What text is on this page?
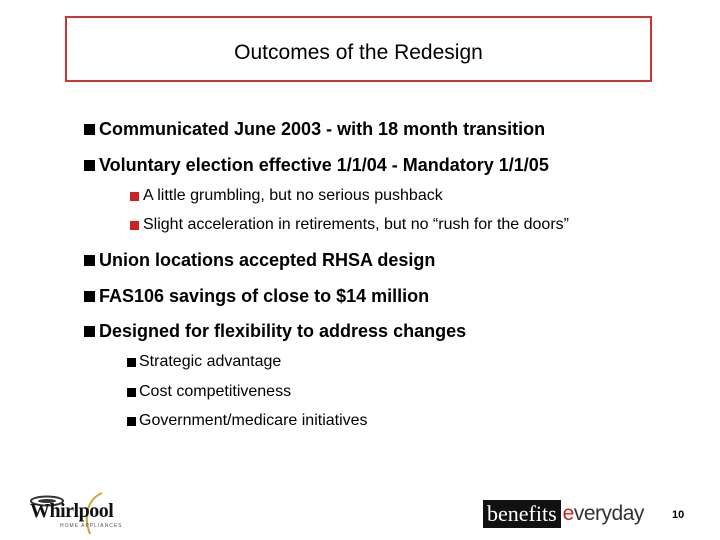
Outcomes of the Redesign
Communicated June 2003 - with 18 month transition
Voluntary election effective 1/1/04 - Mandatory 1/1/05
A little grumbling, but no serious pushback
Slight acceleration in retirements, but no “rush for the doors”
Union locations accepted RHSA design
FAS106 savings of close to $14 million
Designed for flexibility to address changes
Strategic advantage
Cost competitiveness
Government/medicare initiatives
Whirlpool
HOME APPLIANCES	benefits everyday	10
